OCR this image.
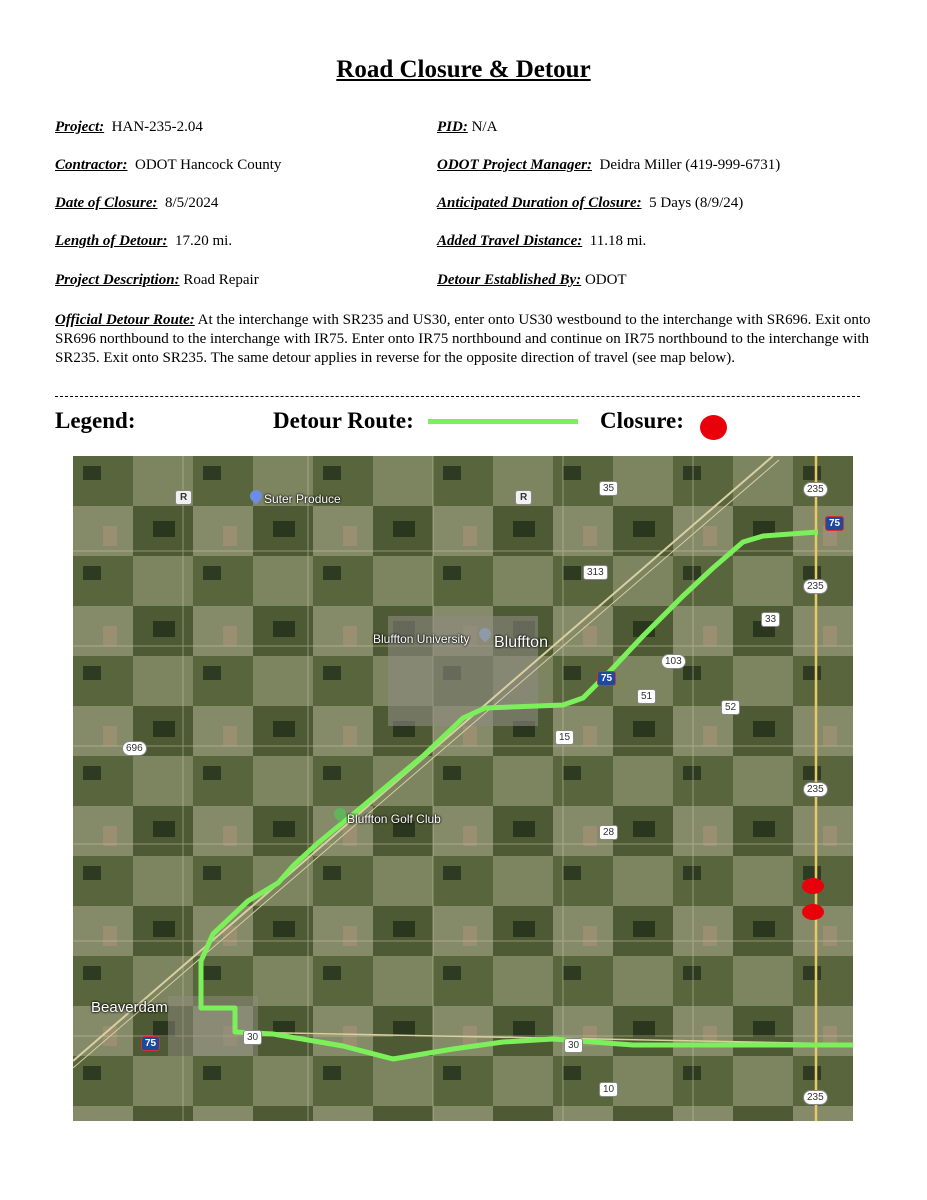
Road Closure & Detour
Project: HAN-235-2.04	PID: N/A
Contractor: ODOT Hancock County	ODOT Project Manager: Deidra Miller (419-999-6731)
Date of Closure: 8/5/2024	Anticipated Duration of Closure: 5 Days (8/9/24)
Length of Detour: 17.20 mi.	Added Travel Distance: 11.18 mi.
Project Description: Road Repair	Detour Established By: ODOT
Official Detour Route: At the interchange with SR235 and US30, enter onto US30 westbound to the interchange with SR696. Exit onto SR696 northbound to the interchange with IR75. Enter onto IR75 northbound and continue on IR75 northbound to the interchange with SR235. Exit onto SR235. The same detour applies in reverse for the opposite direction of travel (see map below).
Legend:	Detour Route:	Closure:
Suter Produce
Bluffton University Bluffton
Bluffton Golf Club
Beaverdam
235
75
235
33
35
313
103
75
51
52
15
696
235
28
30
30
10
235
75
R	R
